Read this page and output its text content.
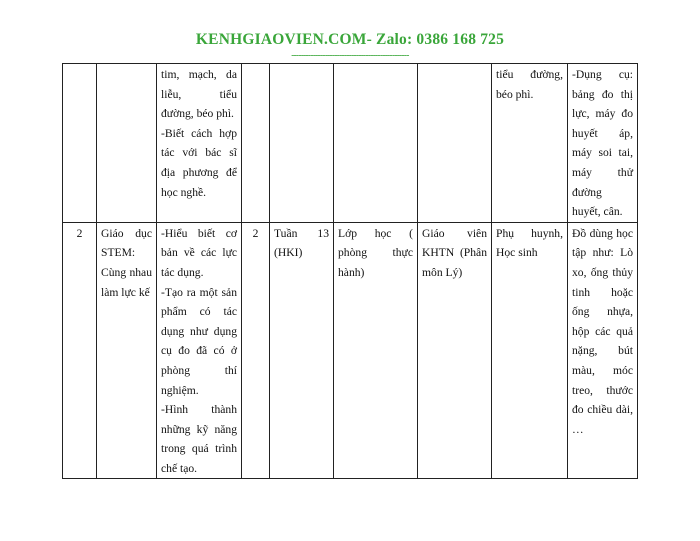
KENHGIAOVIEN.COM- Zalo: 0386 168 725
-------------------------------------------------

		tim, mạch, da liễu, tiểu đường, béo phì.
-Biết cách hợp tác với bác sĩ địa phương để học nghề.					tiểu đường, béo phì.	-Dụng cụ: bảng đo thị lực, máy đo huyết áp, máy soi tai, máy thử đường huyết, cân.
2	Giáo dục STEM: Cùng nhau làm lực kế	-Hiểu biết cơ bản về các lực tác dụng.
-Tạo ra một sản phẩm có tác dụng như dụng cụ đo đã có ở phòng thí nghiệm.
-Hình thành những kỹ năng trong quá trình chế tạo.	2	Tuần 13 (HKI)	Lớp học ( phòng thực hành)	Giáo viên KHTN (Phân môn Lý)	Phụ huynh, Học sinh	Đồ dùng học tập như: Lò xo, ống thủy tinh hoặc ống nhựa, hộp các quả nặng, bút màu, móc treo, thước đo chiều dài, …
